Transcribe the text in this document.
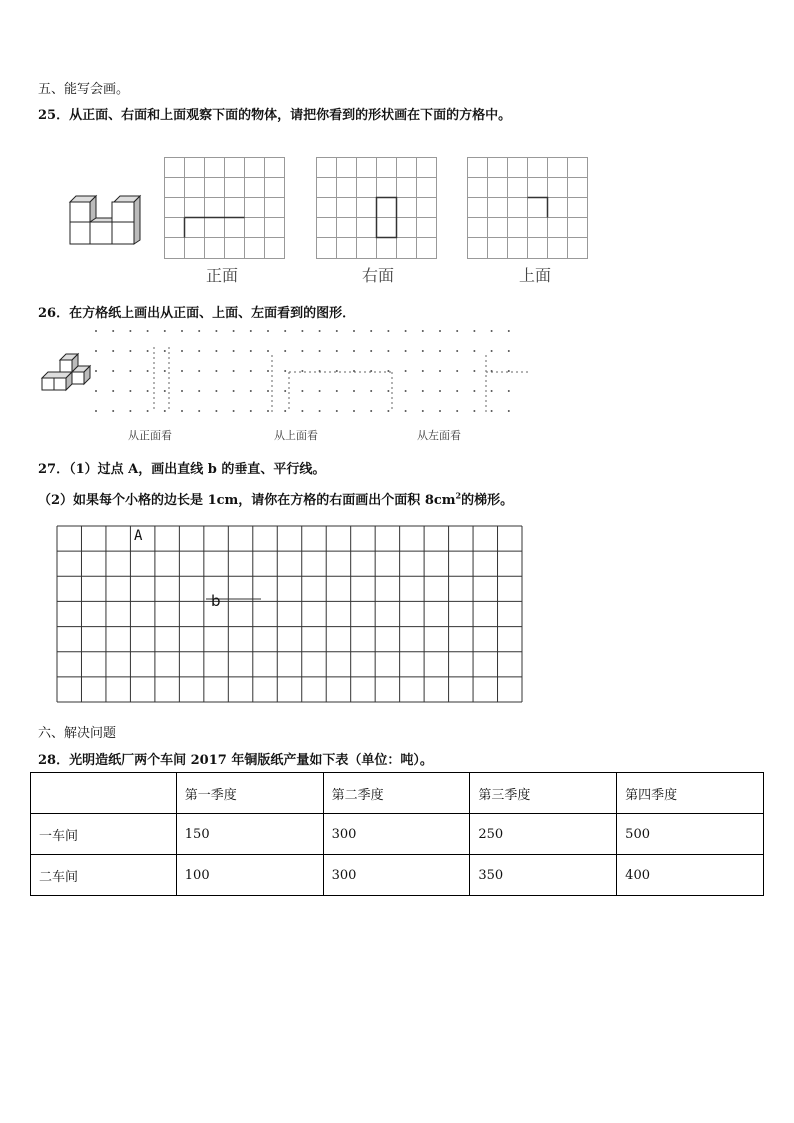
五、能写会画。
25．从正面、右面和上面观察下面的物体，请把你看到的形状画在下面的方格中。
正面	右面	上面
26．在方格纸上画出从正面、上面、左面看到的图形．
从正面看	从上面看	从左面看
27．（1）过点 A，画出直线 b 的垂直、平行线。
（2）如果每个小格的边长是 1cm，请你在方格的右面画出个面积 $8cm^2$的梯形。
A
b
六、解决问题
28．光明造纸厂两个车间 2017 年铜版纸产量如下表（单位：吨）。
	第一季度	第二季度	第三季度	第四季度
一车间	150	300	250	500
二车间	100	300	350	400
